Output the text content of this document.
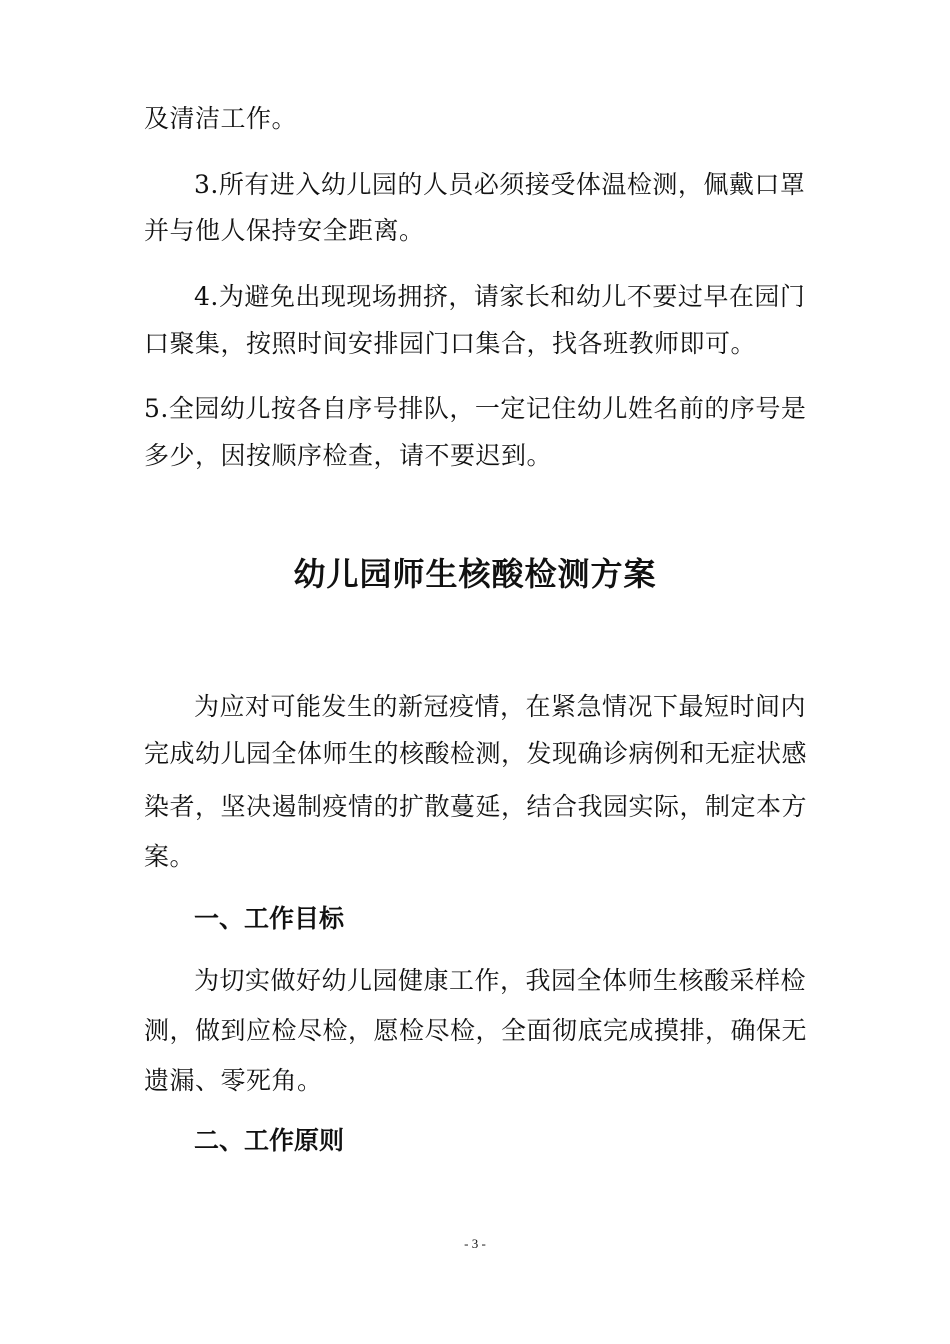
及清洁工作。
3.所有进入幼儿园的人员必须接受体温检测，佩戴口罩
并与他人保持安全距离。
4.为避免出现现场拥挤，请家长和幼儿不要过早在园门
口聚集，按照时间安排园门口集合，找各班教师即可。
5.全园幼儿按各自序号排队，一定记住幼儿姓名前的序号是
多少，因按顺序检查，请不要迟到。
幼儿园师生核酸检测方案
为应对可能发生的新冠疫情，在紧急情况下最短时间内
完成幼儿园全体师生的核酸检测，发现确诊病例和无症状感
染者，坚决遏制疫情的扩散蔓延，结合我园实际，制定本方
案。
一、工作目标
为切实做好幼儿园健康工作，我园全体师生核酸采样检
测，做到应检尽检，愿检尽检，全面彻底完成摸排，确保无
遗漏、零死角。
二、工作原则
- 3 -
